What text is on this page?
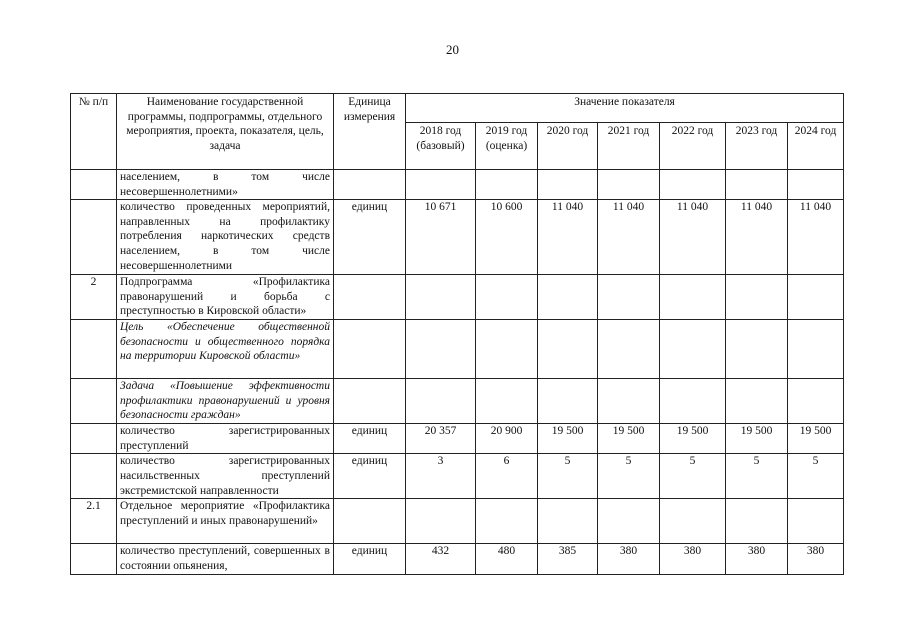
20
№ п/п	Наименование государственной программы, подпрограммы, отдельного мероприятия, проекта, показателя, цель, задача	Единица измерения	Значение показателя						
			2018 год (базовый)	2019 год (оценка)	2020 год	2021 год	2022 год	2023 год	2024 год
	населением, в том числе несовершеннолетними»								
	количество проведенных мероприятий, направленных на профилактику потребления наркотических средств населением, в том числе несовершеннолетними	единиц	10 671	10 600	11 040	11 040	11 040	11 040	11 040
2	Подпрограмма «Профилактика правонарушений и борьба с преступностью в Кировской области»								
	Цель «Обеспечение общественной безопасности и общественного порядка на территории Кировской области»								
	Задача «Повышение эффективности профилактики правонарушений и уровня безопасности граждан»								
	количество зарегистрированных преступлений	единиц	20 357	20 900	19 500	19 500	19 500	19 500	19 500
	количество зарегистрированных насильственных преступлений экстремистской направленности	единиц	3	6	5	5	5	5	5
2.1	Отдельное мероприятие «Профилактика преступлений и иных правонарушений»								
	количество преступлений, совершенных в состоянии опьянения,	единиц	432	480	385	380	380	380	380
